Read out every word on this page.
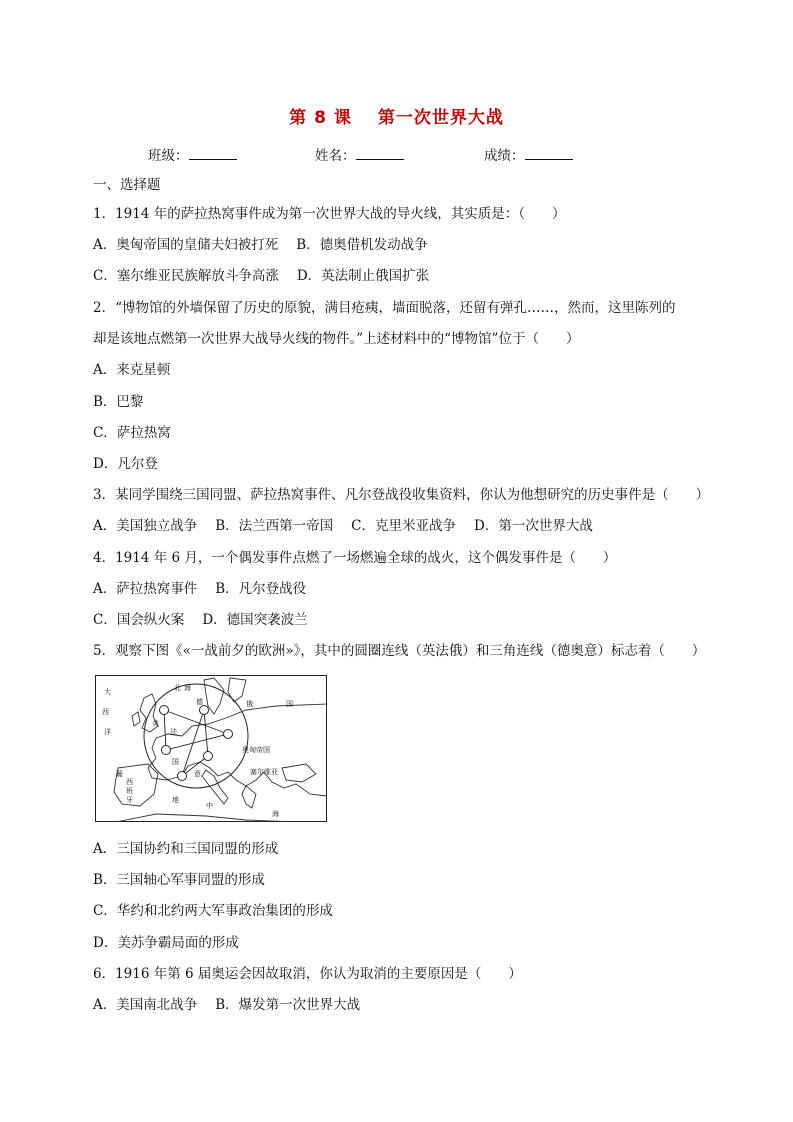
第 8 课 第一次世界大战
班级：	姓名：	成绩：
一、选择题
1．1914 年的萨拉热窝事件成为第一次世界大战的导火线，其实质是：（　　）
A．奥匈帝国的皇储夫妇被打死 B．德奥借机发动战争
C．塞尔维亚民族解放斗争高涨 D．英法制止俄国扩张
2．“博物馆的外墙保留了历史的原貌，满目疮痍，墙面脱落，还留有弹孔……，然而，这里陈列的
却是该地点燃第一次世界大战导火线的物件。”上述材料中的“博物馆”位于（　　）
A．来克星顿
B．巴黎
C．萨拉热窝
D．凡尔登
3．某同学围绕三国同盟、萨拉热窝事件、凡尔登战役收集资料，你认为他想研究的历史事件是（　　）
A．美国独立战争 B．法兰西第一帝国 C．克里米亚战争 D．第一次世界大战
4．1914 年 6 月，一个偶发事件点燃了一场燃遍全球的战火，这个偶发事件是（　　）
A．萨拉热窝事件 B．凡尔登战役
C．国会纵火案 D．德国突袭波兰
5．观察下图《«一战前夕的欧洲»》，其中的圆圈连线（英法俄）和三角连线（德奥意）标志着（　　）
大
西
洋
北 海
英
法
国
德	俄	国
奥匈帝国
塞尔维亚
意
地
中
海
西
班
牙
葡
A．三国协约和三国同盟的形成
B．三国轴心军事同盟的形成
C．华约和北约两大军事政治集团的形成
D．美苏争霸局面的形成
6．1916 年第 6 届奥运会因故取消，你认为取消的主要原因是（　　）
A．美国南北战争 B．爆发第一次世界大战
